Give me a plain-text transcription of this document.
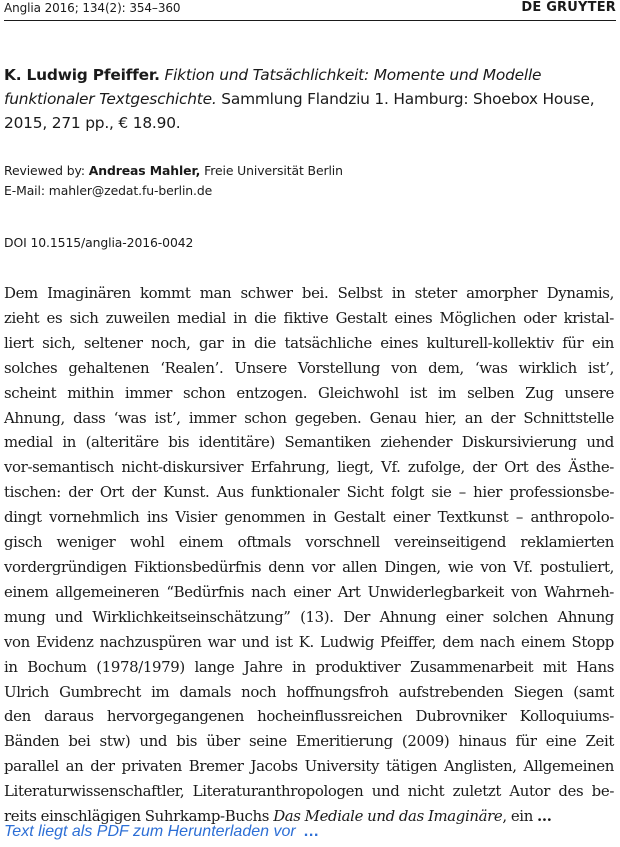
Anglia 2016; 134(2): 354–360	DE GRUYTER
K. Ludwig Pfeiffer. Fiktion und Tatsächlichkeit: Momente und Modelle
funktionaler Textgeschichte. Sammlung Flandziu 1. Hamburg: Shoebox House,
2015, 271 pp., € 18.90.
Reviewed by: Andreas Mahler, Freie Universität Berlin
E-Mail: mahler@zedat.fu-berlin.de
DOI 10.1515/anglia-2016-0042

Dem Imaginären kommt man schwer bei. Selbst in steter amorpher Dynamis,
zieht es sich zuweilen medial in die fiktive Gestalt eines Möglichen oder kristal-
liert sich, seltener noch, gar in die tatsächliche eines kulturell-kollektiv für ein
solches gehaltenen ‘Realen’. Unsere Vorstellung von dem, ‘was wirklich ist’,
scheint mithin immer schon entzogen. Gleichwohl ist im selben Zug unsere
Ahnung, dass ‘was ist’, immer schon gegeben. Genau hier, an der Schnittstelle
medial in (alteritäre bis identitäre) Semantiken ziehender Diskursivierung und
vor-semantisch nicht-diskursiver Erfahrung, liegt, Vf. zufolge, der Ort des Ästhe-
tischen: der Ort der Kunst. Aus funktionaler Sicht folgt sie – hier professionsbe-
dingt vornehmlich ins Visier genommen in Gestalt einer Textkunst – anthropolo-
gisch weniger wohl einem oftmals vorschnell vereinseitigend reklamierten
vordergründigen Fiktionsbedürfnis denn vor allen Dingen, wie von Vf. postuliert,
einem allgemeineren “Bedürfnis nach einer Art Unwiderlegbarkeit von Wahrneh-
mung und Wirklichkeitseinschätzung” (13). Der Ahnung einer solchen Ahnung
von Evidenz nachzuspüren war und ist K. Ludwig Pfeiffer, dem nach einem Stopp
in Bochum (1978/1979) lange Jahre in produktiver Zusammenarbeit mit Hans
Ulrich Gumbrecht im damals noch hoffnungsfroh aufstrebenden Siegen (samt
den daraus hervorgegangenen hocheinflussreichen Dubrovniker Kolloquiums-
Bänden bei stw) und bis über seine Emeritierung (2009) hinaus für eine Zeit
parallel an der privaten Bremer Jacobs University tätigen Anglisten, Allgemeinen
Literaturwissenschaftler, Literaturanthropologen und nicht zuletzt Autor des be-
reits einschlägigen Suhrkamp-Buchs Das Mediale und das Imaginäre, ein …

Text liegt als PDF zum Herunterladen vor …
